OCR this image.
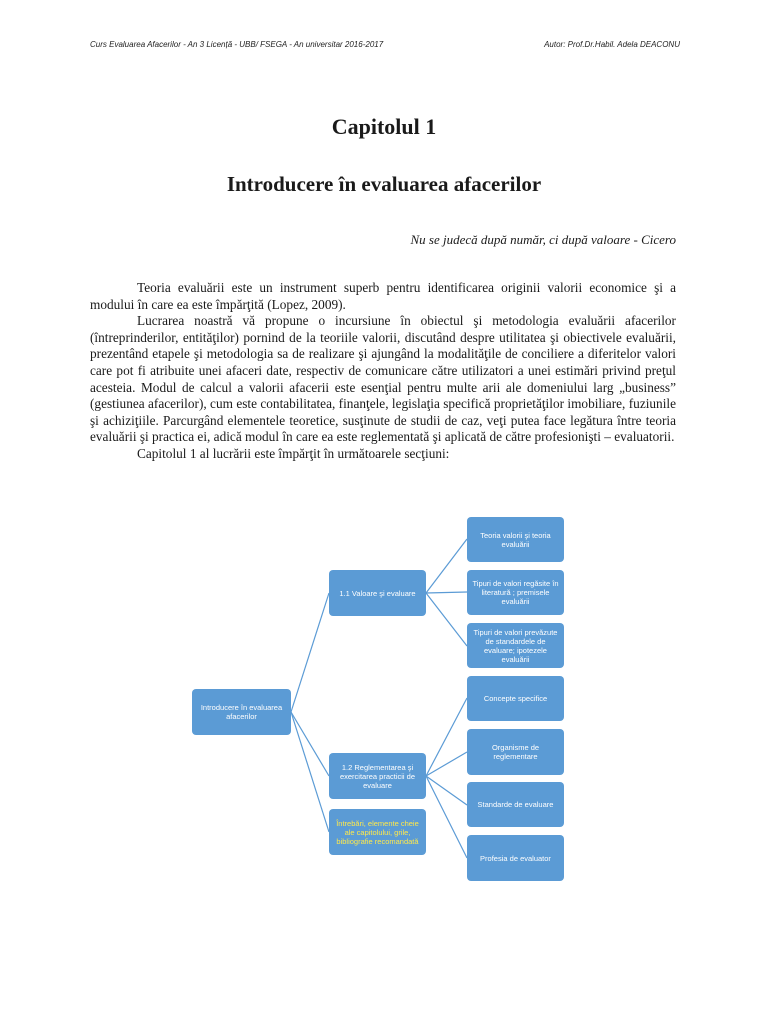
Curs Evaluarea Afacerilor - An 3 Licență - UBB/ FSEGA - An universitar 2016-2017	Autor: Prof.Dr.Habil. Adela DEACONU
Capitolul 1
Introducere în evaluarea afacerilor
Nu se judecă după număr, ci după valoare - Cicero

Teoria evaluării este un instrument superb pentru identificarea originii valorii economice şi a modului în care ea este împărţită (Lopez, 2009).

Lucrarea noastră vă propune o incursiune în obiectul şi metodologia evaluării afacerilor (întreprinderilor, entităţilor) pornind de la teoriile valorii, discutând despre utilitatea şi obiectivele evaluării, prezentând etapele şi metodologia sa de realizare şi ajungând la modalităţile de conciliere a diferitelor valori care pot fi atribuite unei afaceri date, respectiv de comunicare către utilizatori a unei estimări privind preţul acesteia. Modul de calcul a valorii afacerii este esenţial pentru multe arii ale domeniului larg „business” (gestiunea afacerilor), cum este contabilitatea, finanţele, legislaţia specifică proprietăţilor imobiliare, fuziunile şi achiziţiile. Parcurgând elementele teoretice, susţinute de studii de caz, veţi putea face legătura între teoria evaluării şi practica ei, adică modul în care ea este reglementată şi aplicată de către profesionişti – evaluatorii.

Capitolul 1 al lucrării este împărţit în următoarele secţiuni:

Introducere în evaluarea afacerilor
1.1 Valoare şi evaluare
1.2 Reglementarea şi exercitarea practicii de evaluare
Întrebări, elemente cheie ale capitolului, grile, bibliografie recomandată
Teoria valorii şi teoria evaluării
Tipuri de valori regăsite în literatură ; premisele evaluării
Tipuri de valori prevăzute de standardele de evaluare; ipotezele evaluării
Concepte specifice
Organisme de reglementare
Standarde de evaluare
Profesia de evaluator
